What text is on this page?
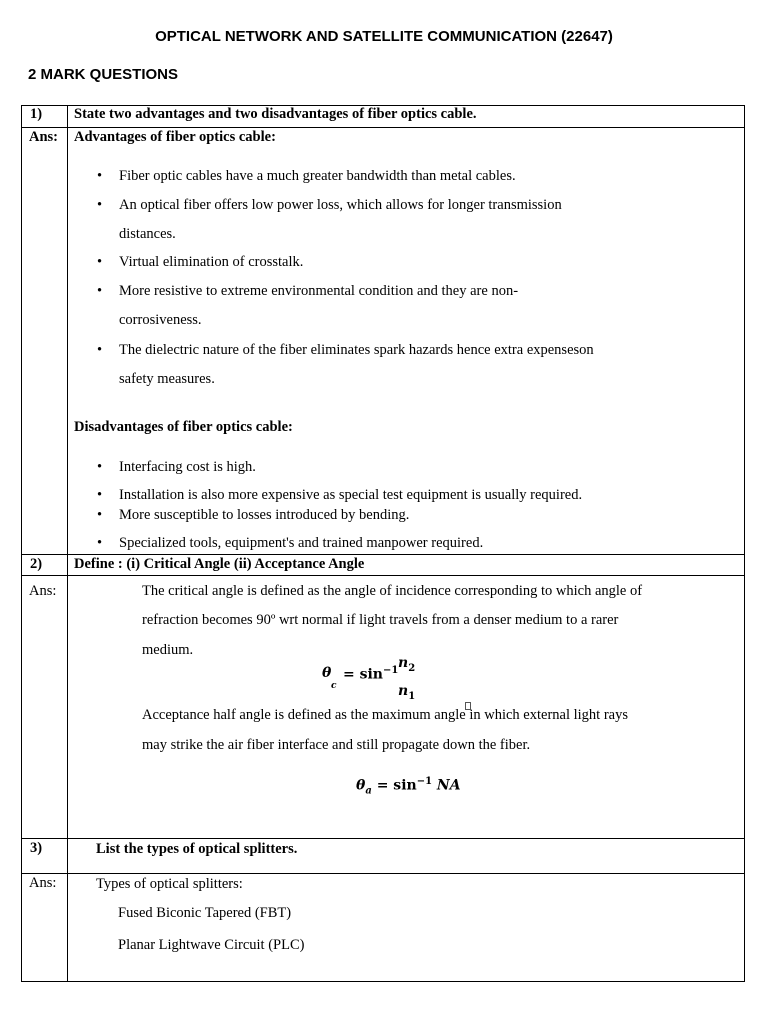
OPTICAL NETWORK AND SATELLITE COMMUNICATION (22647)
2 MARK QUESTIONS
1) State two advantages and two disadvantages of fiber optics cable.
Ans: Advantages of fiber optics cable:
• Fiber optic cables have a much greater bandwidth than metal cables.
• An optical fiber offers low power loss, which allows for longer transmission
distances.
• Virtual elimination of crosstalk.
• More resistive to extreme environmental condition and they are non-
corrosiveness.
• The dielectric nature of the fiber eliminates spark hazards hence extra expenseson
safety measures.
Disadvantages of fiber optics cable:
• Interfacing cost is high.
• Installation is also more expensive as special test equipment is usually required.
• More susceptible to losses introduced by bending.
• Specialized tools, equipment's and trained manpower required.
2) Define : (i) Critical Angle (ii) Acceptance Angle
Ans:	The critical angle is defined as the angle of incidence corresponding to which angle of
refraction becomes 90º wrt normal if light travels from a denser medium to a rarer
medium.
θ
c
= $\sin^{-1} n_2$
$n_1$
Acceptance half angle is defined as the maximum angle in which external light rays
may strike the air fiber interface and still propagate down the fiber.
$\theta_a = \sin^{-1}$ NA
3)	List the types of optical splitters.
Ans:	Types of optical splitters:
Fused Biconic Tapered (FBT)
Planar Lightwave Circuit (PLC)
